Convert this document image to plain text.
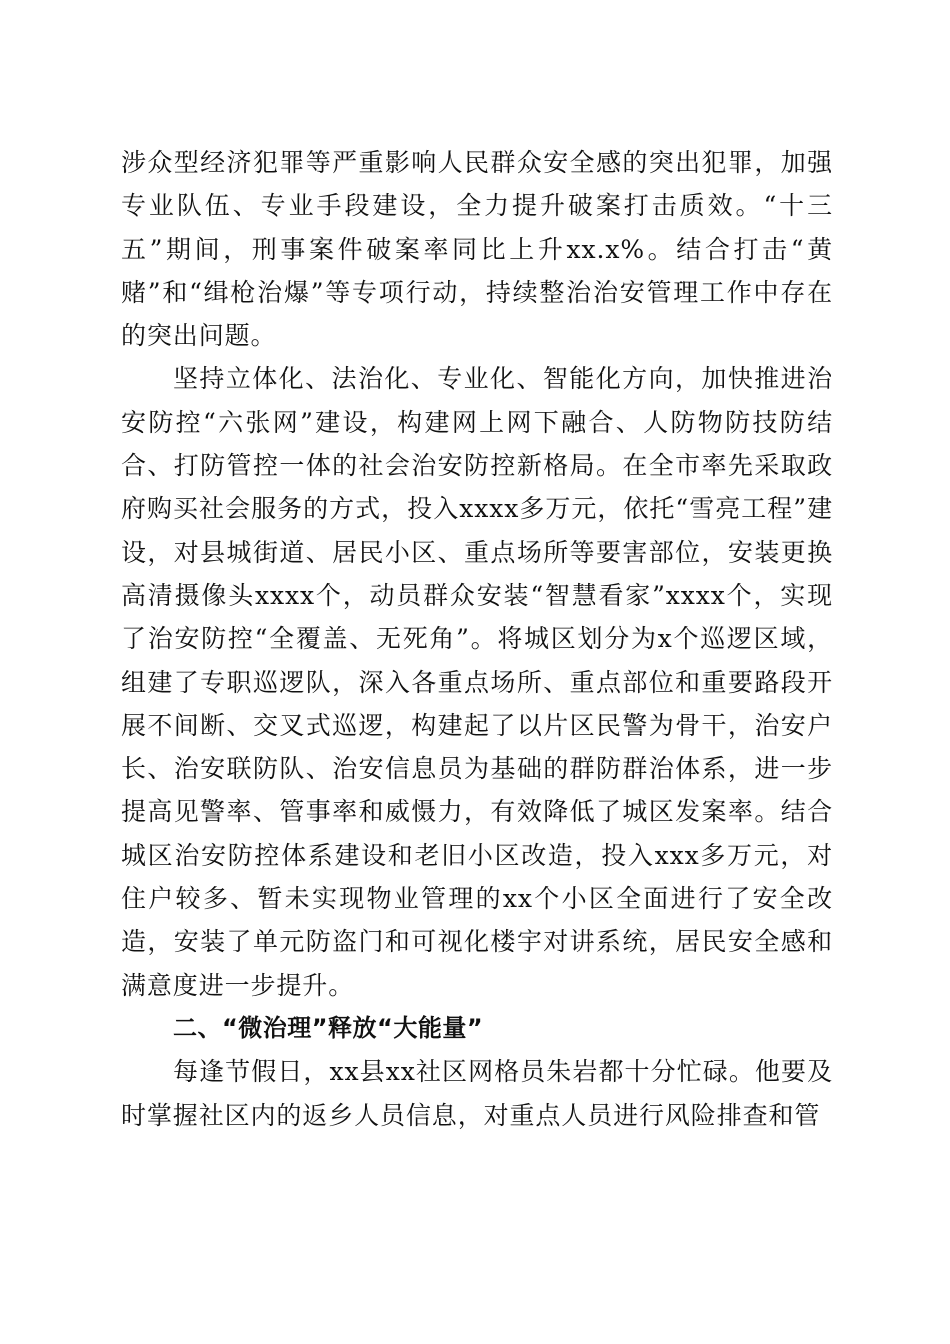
涉众型经济犯罪等严重影响人民群众安全感的突出犯罪，加强专业队伍、专业手段建设，全力提升破案打击质效。“十三五”期间，刑事案件破案率同比上升xx.x%。结合打击“黄赌”和“缉枪治爆”等专项行动，持续整治治安管理工作中存在的突出问题。

坚持立体化、法治化、专业化、智能化方向，加快推进治安防控“六张网”建设，构建网上网下融合、人防物防技防结合、打防管控一体的社会治安防控新格局。在全市率先采取政府购买社会服务的方式，投入xxxx多万元，依托“雪亮工程”建设，对县城街道、居民小区、重点场所等要害部位，安装更换高清摄像头xxxx个，动员群众安装“智慧看家”xxxx个，实现了治安防控“全覆盖、无死角”。将城区划分为x个巡逻区域，组建了专职巡逻队，深入各重点场所、重点部位和重要路段开展不间断、交叉式巡逻，构建起了以片区民警为骨干，治安户长、治安联防队、治安信息员为基础的群防群治体系，进一步提高见警率、管事率和威慑力，有效降低了城区发案率。结合城区治安防控体系建设和老旧小区改造，投入xxx多万元，对住户较多、暂未实现物业管理的xx个小区全面进行了安全改造，安装了单元防盗门和可视化楼宇对讲系统，居民安全感和满意度进一步提升。

二、“微治理”释放“大能量”

每逢节假日，xx县xx社区网格员朱岩都十分忙碌。他要及时掌握社区内的返乡人员信息，对重点人员进行风险排查和管
